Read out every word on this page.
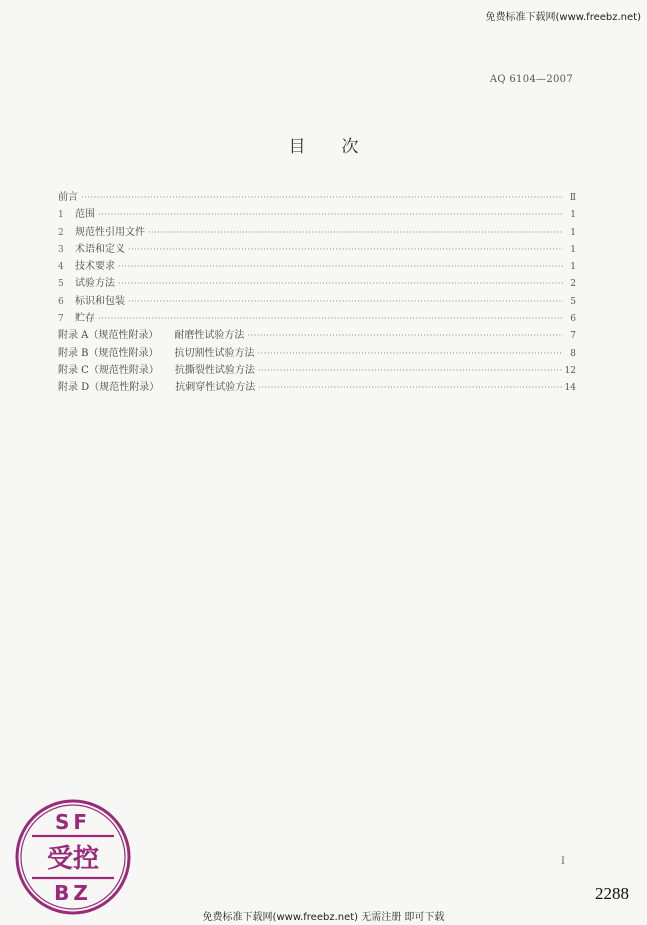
免费标准下载网(www.freebz.net)
AQ 6104—2007
目 次
前言 ·····	Ⅱ
1	范围 ·····	1
2	规范性引用文件 ·····	1
3	术语和定义 ·····	1
4	技术要求 ·····	1
5	试验方法 ·····	2
6	标识和包装 ·····	5
7	贮存 ·····	6
附录 A（规范性附录）	耐磨性试验方法 ·····	7
附录 B（规范性附录）	抗切割性试验方法 ·····	8
附录 C（规范性附录）	抗撕裂性试验方法 ·····	12
附录 D（规范性附录）	抗刺穿性试验方法 ·····	14
I
SF
受控
BZ	2288
免费标准下载网(www.freebz.net) 无需注册 即可下载
